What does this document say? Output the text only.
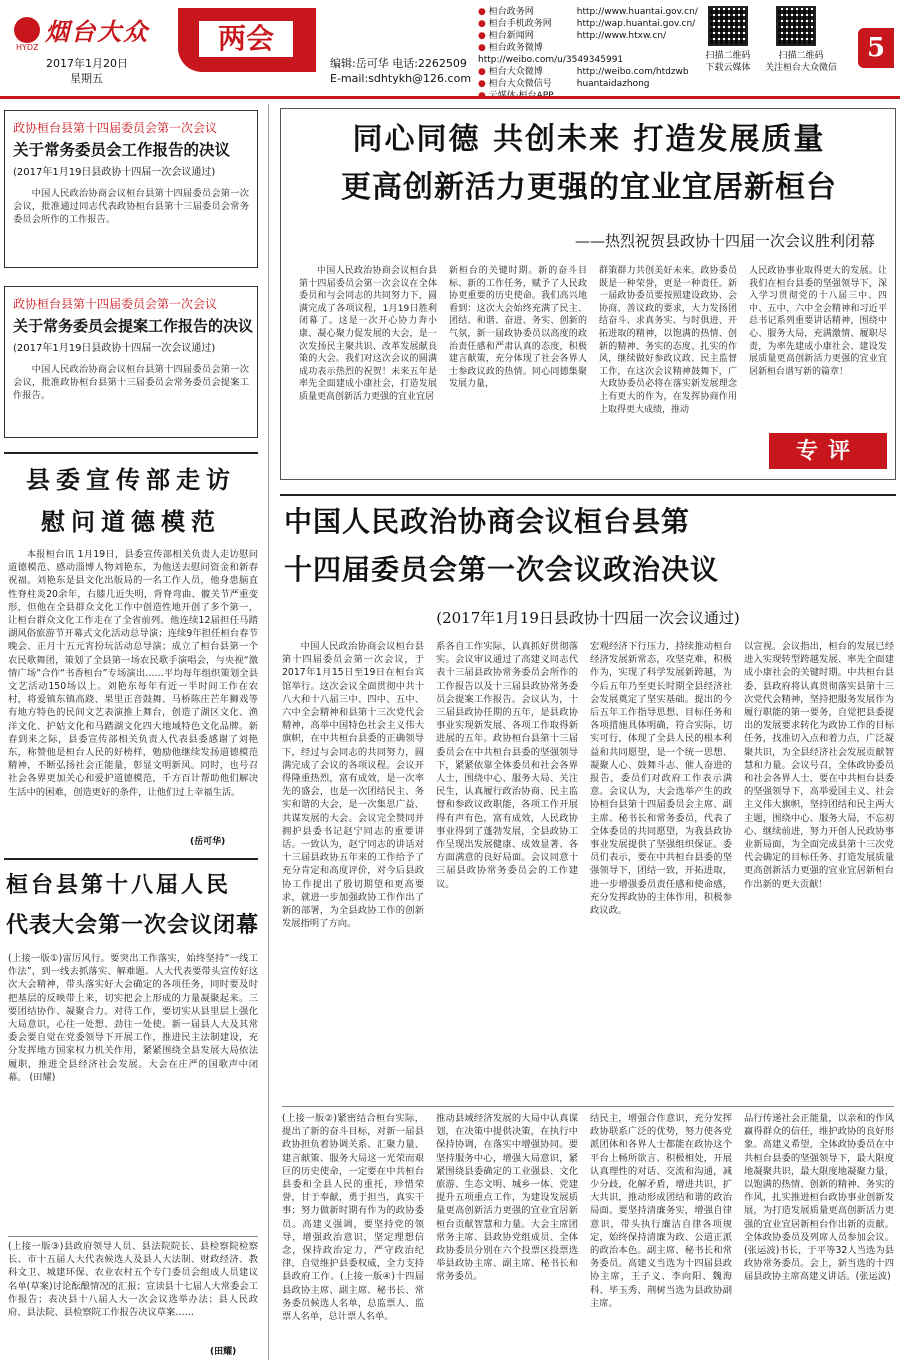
烟台大众
HYDZ
2017年1月20日
星期五
两会
编辑:岳可华 电话:2262509
E-mail:sdhtykh@126.com
● 桓台政务网	http://www.huantai.gov.cn/
● 桓台手机政务网	http://wap.huantai.gov.cn/
● 桓台新闻网	http://www.htxw.cn/
● 桓台政务微博http://weibo.com/u/3549345991
● 桓台大众微博	http://weibo.com/htdzwb
● 桓台大众微信号	huantaidazhong
扫描二维码
下载云媒体
扫描二维码
关注桓台大众微信
5
政协桓台县第十四届委员会第一次会议
关于常务委员会工作报告的决议
(2017年1月19日县政协十四届一次会议通过)
中国人民政治协商会议桓台县第十四届委员会第一次会议，批准通过同志代表政协桓台县第十三届委员会常务委员会所作的工作报告。
政协桓台县第十四届委员会第一次会议
关于常务委员会提案工作报告的决议
(2017年1月19日县政协十四届一次会议通过)
中国人民政治协商会议桓台县第十四届委员会第一次会议，批准政协桓台县第十三届委员会常务委员会提案工作报告。
同心同德 共创未来 打造发展质量
更高创新活力更强的宜业宜居新桓台
——热烈祝贺县政协十四届一次会议胜利闭幕
中国人民政治协商会议桓台县第十四届委员会第一次会议在全体委员和与会同志的共同努力下，圆满完成了各项议程，1月19日胜利闭幕了。这是一次开心协力奔小康、凝心聚力促发展的大会，是一次发扬民主聚共识、改革发展献良策的大会。我们对这次会议的圆满成功表示热烈的祝贺！未来五年是率先全面建成小康社会，打造发展质量更高创新活力更强的宜业宜居
新桓台的关键时期。新的奋斗目标、新的工作任务，赋予了人民政协更重要的历史使命。我们高兴地看到：这次大会始终充满了民主、团结、和谐、奋进、务实、创新的气氛，新一届政协委员以高度的政治责任感和严肃认真的态度，积极建言献策，充分体现了社会各界人士参政议政的热情。同心同德集聚发展力量，
群策群力共创美好未来。政协委员既是一种荣誉，更是一种责任。新一届政协委员要按照建设政协、会协商、善议政的要求，大力发扬团结奋斗、求真务实、与时俱进、开拓进取的精神，以饱满的热情、创新的精神、务实的态度、扎实的作风，继续做好参政议政、民主监督工作，在这次会议精神鼓舞下，广大政协委员必将在落实新发展理念上有更大的作为，在发挥协商作用上取得更大成绩，推动
人民政协事业取得更大的发展。让我们在桓台县委的坚强领导下，深入学习贯彻党的十八届三中、四中、五中、六中全会精神和习近平总书记系列重要讲话精神，围绕中心、服务大局，充满激情、履职尽责，为率先建成小康社会、建设发展质量更高创新活力更强的宜业宜居新桓台谱写新的篇章！
专评
县委宣传部走访
慰问道德模范
本报桓台讯 1月19日，县委宣传部相关负责人走访慰问道德模范、感动淄博人物刘艳东，为他送去慰问资金和新春祝福。刘艳东是县文化出版局的一名工作人员，他身患脑直性脊柱炎20余年，右膝几近失明，背脊弯曲、髋关节严重变形，但他在全县群众文化工作中创造性地开创了多个第一，让桓台群众文化工作走在了全省前列。他连续12届担任马踏湖风俗旅游节开幕式文化活动总导演；连续9年担任桓台春节晚会、正月十五元宵扮玩活动总导演；成立了桓台县第一个农民歌舞团，策划了全县第一场农民歌手演唱会，与央视“激情广场”合作“书香桓台”专场演出……平均每年组织策划全县文艺活动150场以上。刘艳东每年有近一半时间工作在农村，将爱镇东镇高跷、果里正音鼓舞、马桥陈庄芒年狮戏等有地方特色的民间文艺表演推上舞台，创造了湖区文化、渔洋文化、护姑文化和马踏湖文化四大地域特色文化品牌。新春到来之际，县委宣传部相关负责人代表县委感谢了刘艳东，称赞他是桓台人民的好榜样，勉励他继续发扬道德模范精神，不断弘扬社会正能量，彰显文明新风。同时，也号召社会各界更加关心和爱护道德模范，千方百计帮助他们解决生活中的困难，创造更好的条件，让他们过上幸福生活。
(岳可华)
桓台县第十八届人民
代表大会第一次会议闭幕
(上接一版①)雷厉风行。要突出工作落实，始终坚持“一线工作法”，到一线去抓落实、解难题。人大代表要带头宣传好这次大会精神，带头落实好大会确定的各项任务，同时要及时把基层的反映带上来，切实把会上形成的力量凝聚起来。三要团结协作、凝聚合力。对待工作，要切实从县里层上强化大局意识，心往一处想、劲往一处使。新一届县人大及其常委会要自觉在党委领导下开展工作，推进民主法制建设，充分发挥地方国家权力机关作用，紧紧围绕全县发展大局依法履职，推进全县经济社会发展。大会在庄严的国歌声中闭幕。 (田耀)
(上接一版③)县政府领导人员、县法院院长、县检察院检察长、市十五届人大代表候选人及县人大法制、财政经济、教科文卫、城建环保、农业农村五个专门委员会组成人员建议名单(草案)讨论酝酿情况的汇报；宣读县十七届人大常委会工作报告；表决县十八届人大一次会议选举办法；县人民政府、县法院、县检察院工作报告决议草案……
(田耀)
中国人民政治协商会议桓台县第
十四届委员会第一次会议政治决议
(2017年1月19日县政协十四届一次会议通过)
中国人民政治协商会议桓台县第十四届委员会第一次会议，于2017年1月15日至19日在桓台宾馆举行。这次会议全面贯彻中共十八大和十八届三中、四中、五中、六中全会精神和县第十三次党代会精神，高举中国特色社会主义伟大旗帜，在中共桓台县委的正确领导下，经过与会同志的共同努力，圆满完成了会议的各项议程。会议开得隆重热烈，富有成效，是一次率先的盛会，也是一次团结民主、务实和谐的大会，是一次集思广益、共谋发展的大会。会议完全赞同并拥护县委书记赵宁同志的重要讲话。一致认为，赵宁同志的讲话对十三届县政协五年来的工作给予了充分肯定和高度评价，对今后县政协工作提出了殷切期望和更高要求，就进一步加强政协工作作出了新的部署，为全县政协工作的创新发展指明了方向。
系各自工作实际，认真抓好贯彻落实。会议审议通过了高建义同志代表十三届县政协常务委员会所作的工作报告以及十三届县政协常务委员会提案工作报告。会议认为，十三届县政协任期的五年，是县政协事业实现新发展、各项工作取得新进展的五年。政协桓台县第十三届委员会在中共桓台县委的坚强领导下，紧紧依靠全体委员和社会各界人士，围绕中心、服务大局、关注民生，认真履行政治协商、民主监督和参政议政职能，各项工作开展得有声有色，富有成效，人民政协事业得到了蓬勃发展，全县政协工作呈现出发展健康、成效显著、各方面满意的良好局面。会议同意十三届县政协常务委员会的工作建议。
宏观经济下行压力，持续推动桓台经济发展新常态，攻坚克难，积极作为，实现了科学发展新跨越，为今后五年乃至更长时期全县经济社会发展奠定了坚实基础。提出的今后五年工作指导思想、目标任务和各项措施具体明确，符合实际，切实可行，体现了全县人民的根本利益和共同愿望，是一个统一思想、凝聚人心、鼓舞斗志、催人奋进的报告，委员们对政府工作表示满意。会议认为，大会选举产生的政协桓台县第十四届委员会主席、副主席、秘书长和常务委员，代表了全体委员的共同愿望，为我县政协事业发展提供了坚强组织保证。委员们表示，要在中共桓台县委的坚强领导下，团结一致，开拓进取，进一步增强委员责任感和使命感，充分发挥政协的主体作用，积极参政议政。
以宣视。会议指出，桓台的发展已经进入实现转型跨越发展、率先全面建成小康社会的关键时期。中共桓台县委、县政府将认真贯彻落实县第十三次党代会精神，坚持把服务发展作为履行职能的第一要务，自觉把县委提出的发展要求转化为政协工作的目标任务，找准切入点和着力点，广泛凝聚共识，为全县经济社会发展贡献智慧和力量。会议号召，全体政协委员和社会各界人士，要在中共桓台县委的坚强领导下，高举爱国主义、社会主义伟大旗帜，坚持团结和民主两大主题，围绕中心、服务大局，不忘初心、继续前进，努力开创人民政协事业新局面，为全面完成县第十三次党代会确定的目标任务、打造发展质量更高创新活力更强的宜业宜居新桓台作出新的更大贡献！
(上接一版②)紧密结合桓台实际，提出了新的奋斗目标，对新一届县政协担负着协调关系、汇聚力量、建言献策、服务大局这一光荣而艰巨的历史使命，一定要在中共桓台县委和全县人民的重托，珍惜荣誉，甘于奉献，勇于担当，真实干事；努力做新时期有作为的政协委员。高建义强调，要坚持党的领导，增强政治意识，坚定理想信念，保持政治定力，严守政治纪律，自觉维护县委权威，全力支持县政府工作。(上接一版④)十四届县政协主席、副主席、秘书长、常务委员候选人名单，总监票人、监票人名单，总计票人名单。
推动县域经济发展的大局中认真谋划，在决策中提供决策，在执行中保持协调，在落实中增强协同。要坚持服务中心，增强大局意识，紧紧围绕县委确定的工业强县、文化旅游、生态文明、城乡一体、党建提升五项重点工作，为建设发展质量更高创新活力更强的宜业宜居新桓台贡献智慧和力量。大会主席团常务主席、县政协党组成员、全体政协委员分别在六个投票区投票选举县政协主席、副主席、秘书长和常务委员。
结民主，增强合作意识，充分发挥政协联系广泛的优势，努力使各党派团体和各界人士都能在政协这个平台上畅所欲言、积极相处，开展认真理性的对话、交流和沟通，减少分歧，化解矛盾，增进共识，扩大共识，推动形成团结和谐的政治局面。要坚持清廉务实，增强自律意识，带头执行廉洁自律各项规定，始终保持清廉为政、公道正派的政治本色。副主席、秘书长和常务委员。高建义当选为十四届县政协主席，王子义、李向阳、魏海科、毕玉秀、荆树当选为县政协副主席。
品行传递社会正能量，以亲和的作风赢得群众的信任，维护政协的良好形象。高建义希望，全体政协委员在中共桓台县委的坚强领导下，最大限度地凝聚共识，最大限度地凝聚力量，以饱满的热情、创新的精神、务实的作风，扎实推进桓台政协事业创新发展，为打造发展质量更高创新活力更强的宜业宜居新桓台作出新的贡献。全体政协委员及列席人员参加会议。(张运波)书长，于平等32人当选为县政协常务委员。会上，新当选的十四届县政协主席高建义讲话。(张运波)
